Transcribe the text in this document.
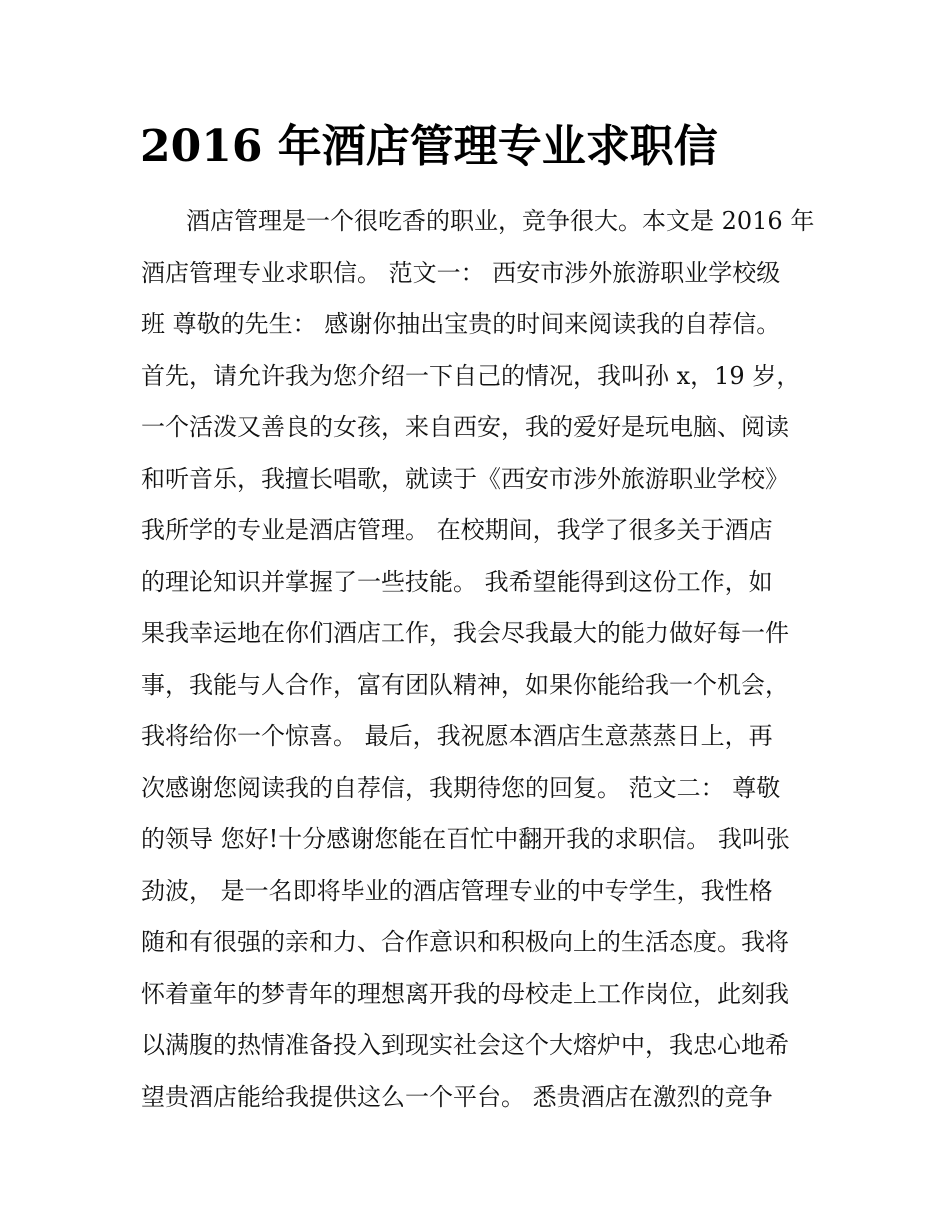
2016 年酒店管理专业求职信
酒店管理是一个很吃香的职业，竞争很大。本文是 2016 年
酒店管理专业求职信。 范文一： 西安市涉外旅游职业学校级
班 尊敬的先生： 感谢你抽出宝贵的时间来阅读我的自荐信。
首先，请允许我为您介绍一下自己的情况，我叫孙 x，19 岁，
一个活泼又善良的女孩，来自西安，我的爱好是玩电脑、阅读
和听音乐，我擅长唱歌，就读于《西安市涉外旅游职业学校》
我所学的专业是酒店管理。 在校期间，我学了很多关于酒店
的理论知识并掌握了一些技能。 我希望能得到这份工作，如
果我幸运地在你们酒店工作，我会尽我最大的能力做好每一件
事，我能与人合作，富有团队精神，如果你能给我一个机会，
我将给你一个惊喜。 最后，我祝愿本酒店生意蒸蒸日上，再
次感谢您阅读我的自荐信，我期待您的回复。 范文二： 尊敬
的领导 您好!十分感谢您能在百忙中翻开我的求职信。 我叫张
劲波， 是一名即将毕业的酒店管理专业的中专学生，我性格
随和有很强的亲和力、合作意识和积极向上的生活态度。我将
怀着童年的梦青年的理想离开我的母校走上工作岗位，此刻我
以满腹的热情准备投入到现实社会这个大熔炉中，我忠心地希
望贵酒店能给我提供这么一个平台。 悉贵酒店在激烈的竞争
